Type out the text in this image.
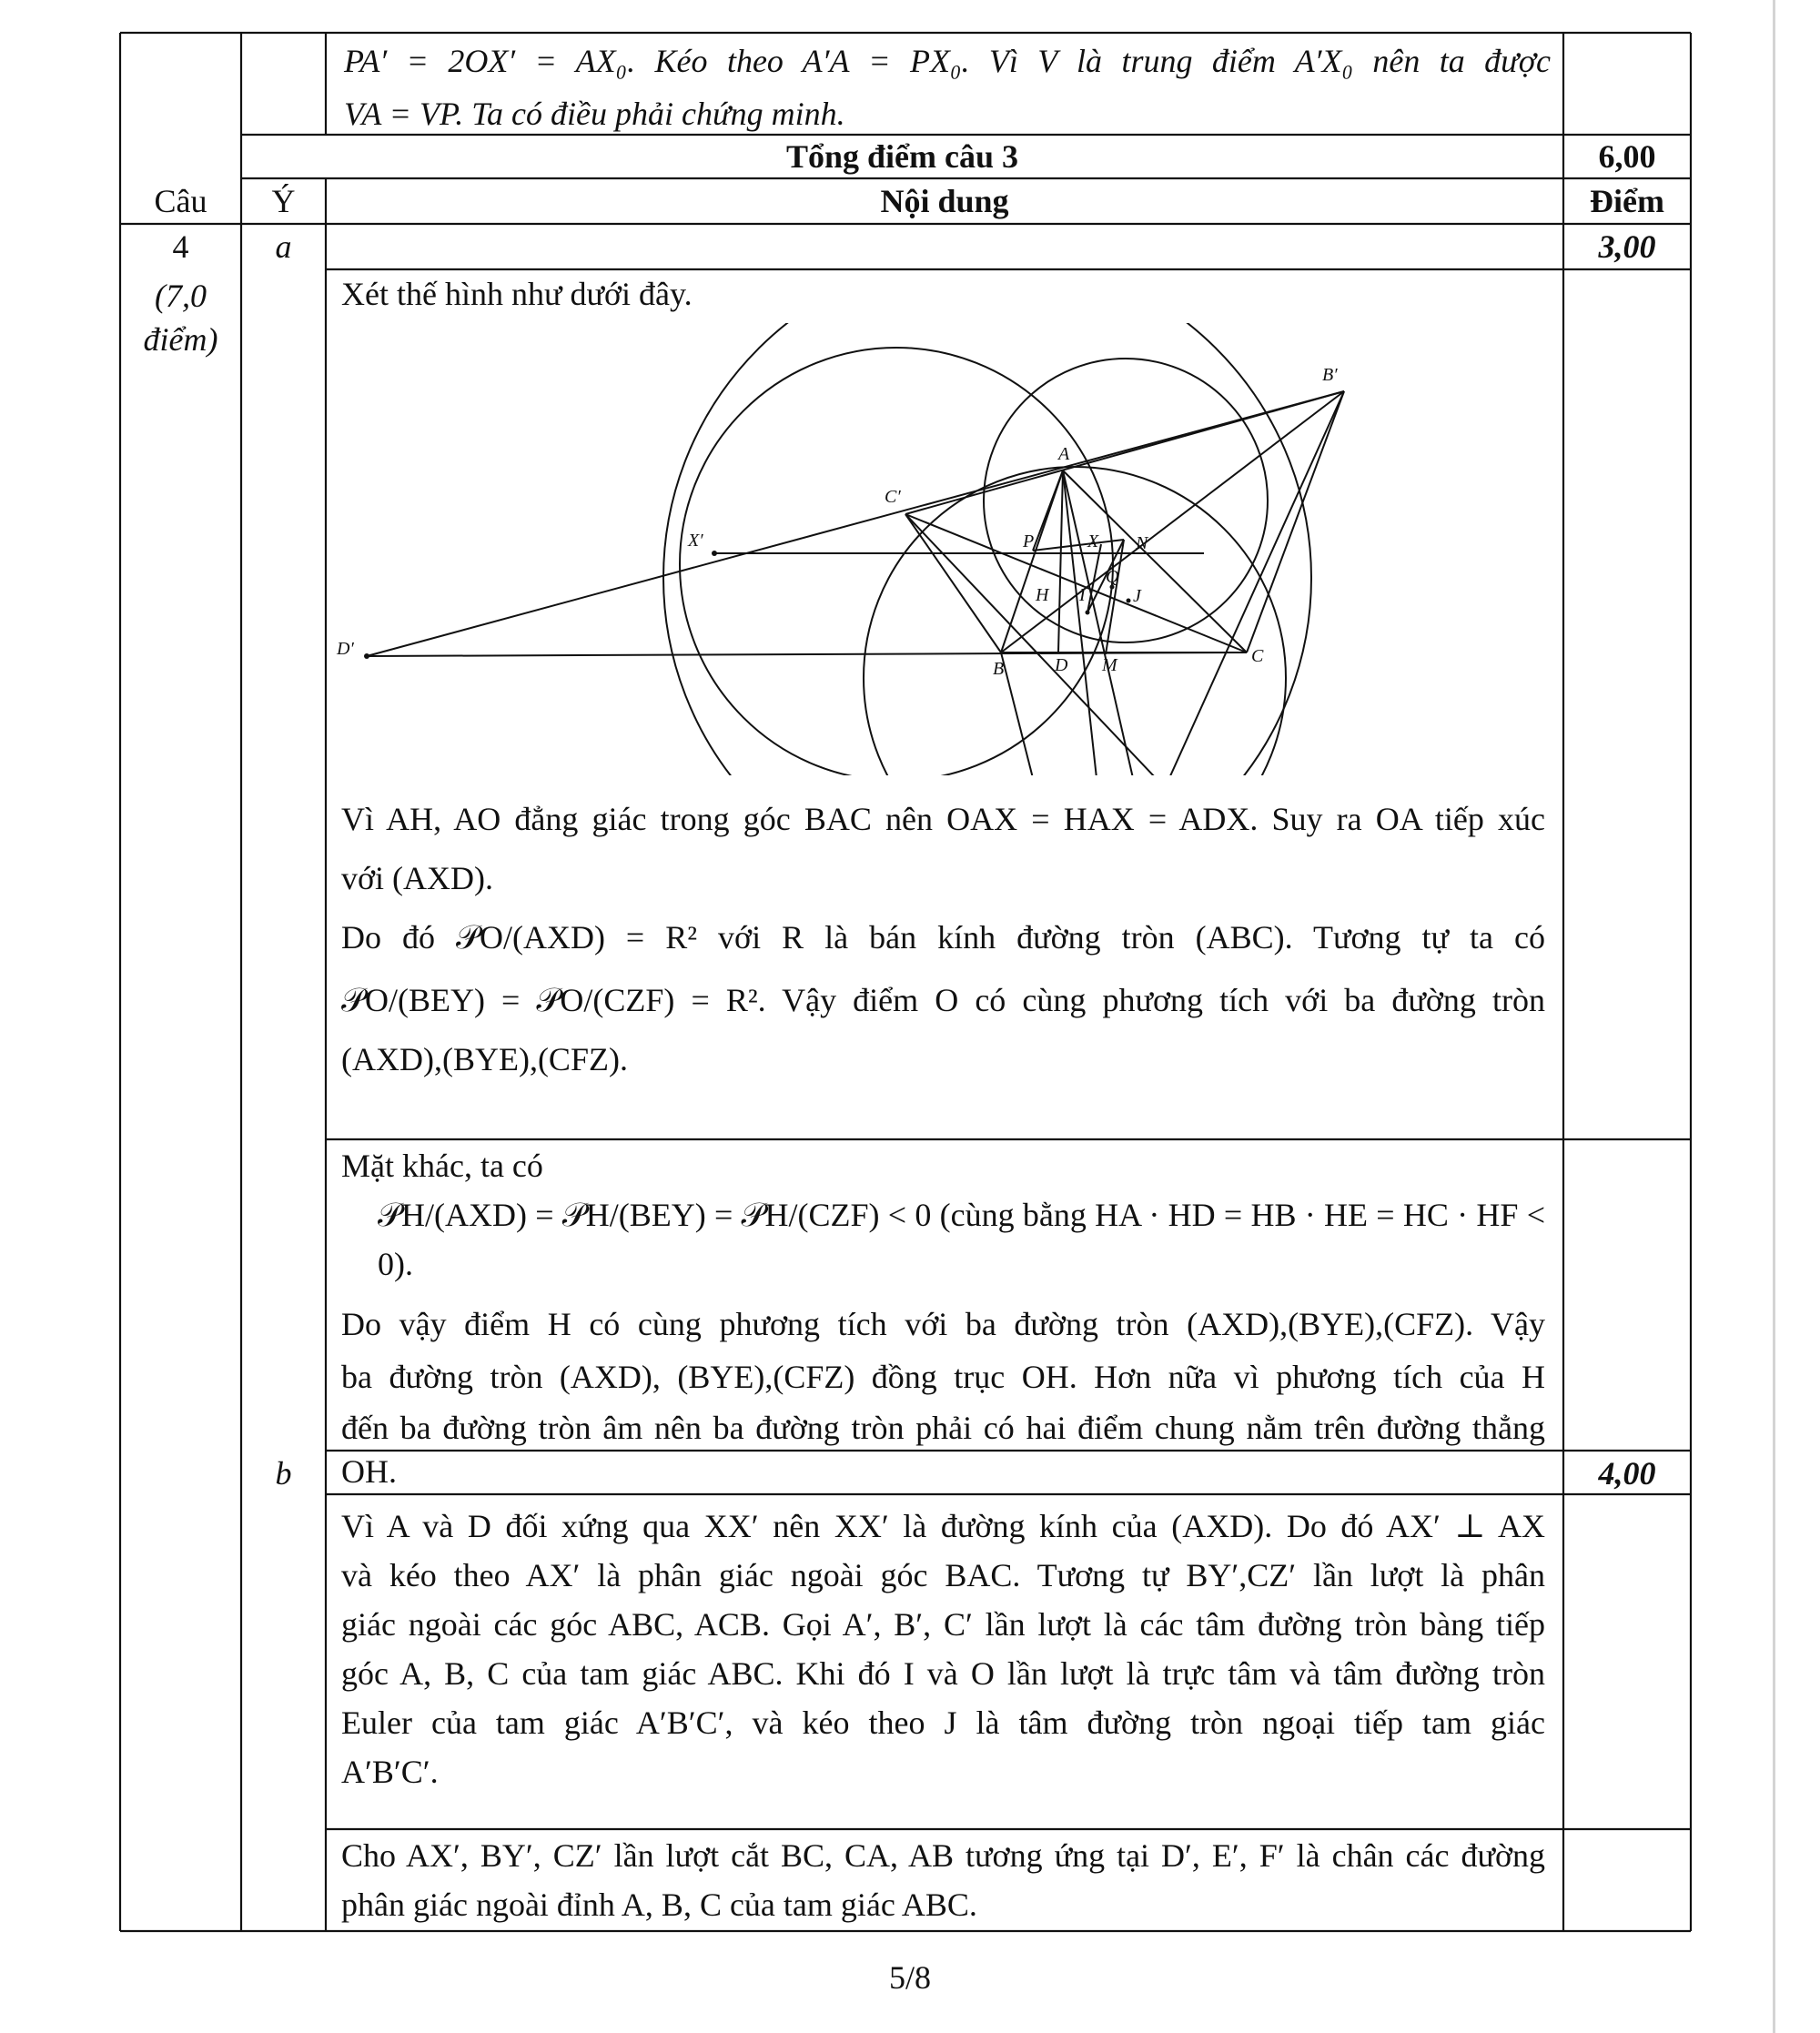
PA′ = 2OX′ = AX₀. Kéo theo A′A = PX₀. Vì V là trung điểm A′X₀ nên ta được
VA = VP. Ta có điều phải chứng minh.
Tổng điểm câu 3	6,00
Câu	Ý	Nội dung	Điểm
4
(7,0
điểm)
a	3,00
Xét thế hình như dưới đây.
B′
A
C′
X′
D′
P	X N
Q
H I	J
B	D M	C
Vì AH, AO đẳng giác trong góc BAC nên OAX = HAX = ADX. Suy ra OA tiếp xúc
với (AXD).
Do đó 𝒫O/(AXD) = R² với R là bán kính đường tròn (ABC). Tương tự ta có
𝒫O/(BEY) = 𝒫O/(CZF) = R². Vậy điểm O có cùng phương tích với ba đường tròn
(AXD),(BYE),(CFZ).
Mặt khác, ta có
𝒫H/(AXD) = 𝒫H/(BEY) = 𝒫H/(CZF) < 0 (cùng bằng HA · HD = HB · HE = HC · HF < 0).
Do vậy điểm H có cùng phương tích với ba đường tròn (AXD),(BYE),(CFZ). Vậy
ba đường tròn (AXD), (BYE),(CFZ) đồng trục OH. Hơn nữa vì phương tích của H
đến ba đường tròn âm nên ba đường tròn phải có hai điểm chung nằm trên đường thẳng
OH.
b	4,00
Vì A và D đối xứng qua XX′ nên XX′ là đường kính của (AXD). Do đó AX′ ⊥ AX
và kéo theo AX′ là phân giác ngoài góc BAC. Tương tự BY′,CZ′ lần lượt là phân
giác ngoài các góc ABC, ACB. Gọi A′, B′, C′ lần lượt là các tâm đường tròn bàng tiếp
góc A, B, C của tam giác ABC. Khi đó I và O lần lượt là trực tâm và tâm đường tròn
Euler của tam giác A′B′C′, và kéo theo J là tâm đường tròn ngoại tiếp tam giác
A′B′C′.
Cho AX′, BY′, CZ′ lần lượt cắt BC, CA, AB tương ứng tại D′, E′, F′ là chân các đường
phân giác ngoài đỉnh A, B, C của tam giác ABC.
5/8
